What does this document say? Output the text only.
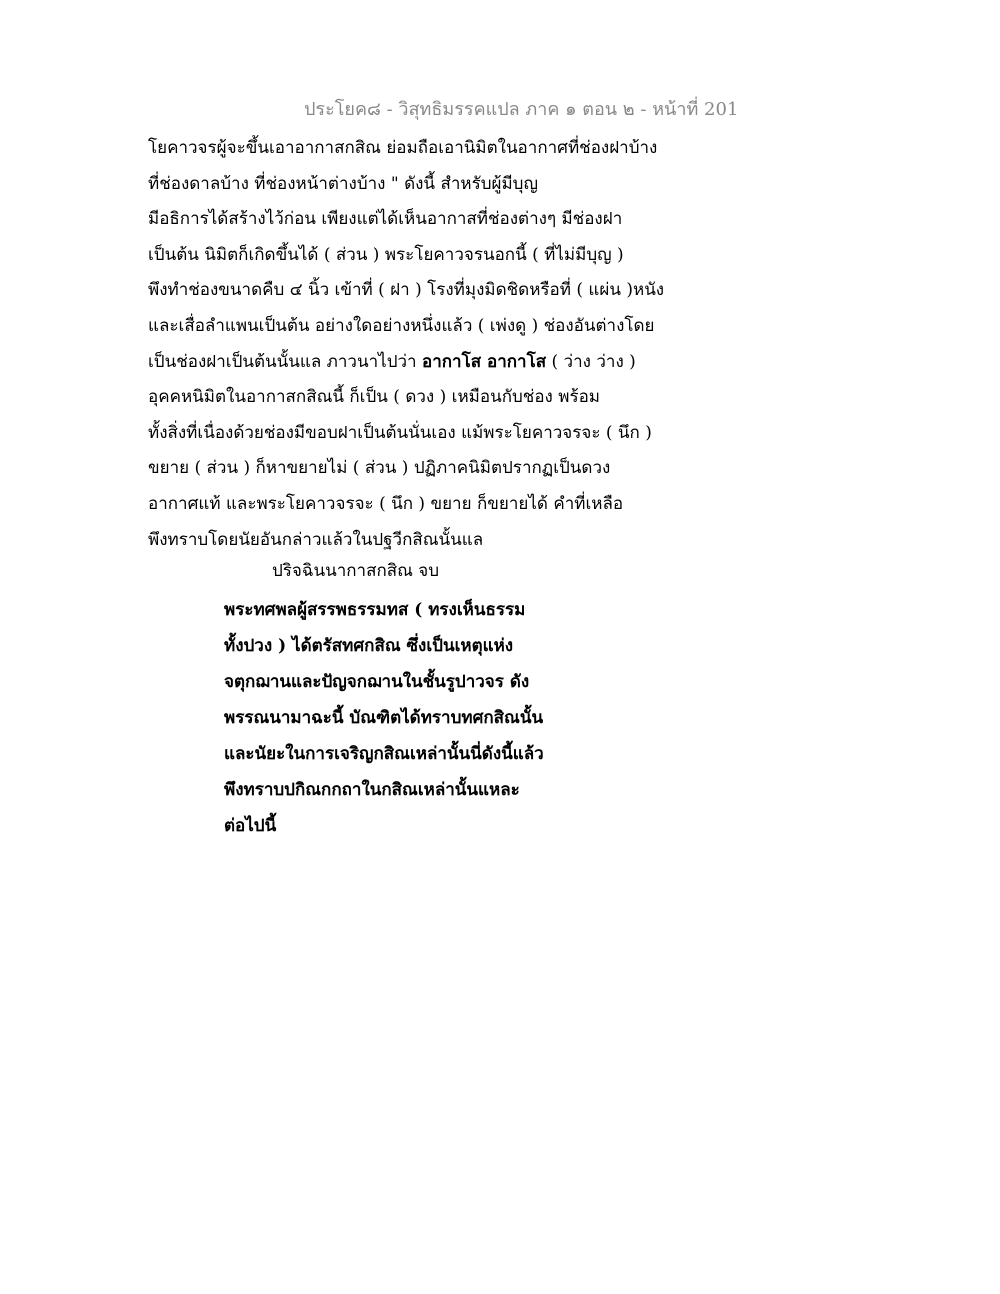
ประโยค๘ - วิสุทธิมรรคแปล ภาค ๑ ตอน ๒ - หน้าที่ 201
โยคาวจรผู้จะขึ้นเอาอากาสกสิณ ย่อมถือเอานิมิตในอากาศที่ช่องฝาบ้าง
ที่ช่องดาลบ้าง ที่ช่องหน้าต่างบ้าง " ดังนี้ สำหรับผู้มีบุญ
มีอธิการได้สร้างไว้ก่อน เพียงแต่ได้เห็นอากาสที่ช่องต่างๆ มีช่องฝา
เป็นต้น นิมิตก็เกิดขึ้นได้ ( ส่วน ) พระโยคาวจรนอกนี้ ( ที่ไม่มีบุญ )
พึงทำช่องขนาดคืบ ๔ นิ้ว เข้าที่ ( ฝา ) โรงที่มุงมิดชิดหรือที่ ( แผ่น )หนัง
และเสื่อลำแพนเป็นต้น อย่างใดอย่างหนึ่งแล้ว ( เพ่งดู ) ช่องอันต่างโดย
เป็นช่องฝาเป็นต้นนั้นแล ภาวนาไปว่า อากาโส อากาโส ( ว่าง ว่าง )
อุคคหนิมิตในอากาสกสิณนี้ ก็เป็น ( ดวง ) เหมือนกับช่อง พร้อม
ทั้งสิ่งที่เนื่องด้วยช่องมีขอบฝาเป็นต้นนั่นเอง แม้พระโยคาวจรจะ ( นึก )
ขยาย ( ส่วน ) ก็หาขยายไม่ ( ส่วน ) ปฏิภาคนิมิตปรากฏเป็นดวง
อากาศแท้ และพระโยคาวจรจะ ( นึก ) ขยาย ก็ขยายได้ คำที่เหลือ
พึงทราบโดยนัยอันกล่าวแล้วในปฐวีกสิณนั้นแล
ปริจฉินนากาสกสิณ จบ
พระทศพลผู้สรรพธรรมทส ( ทรงเห็นธรรม
ทั้งปวง ) ได้ตรัสทศกสิณ ซึ่งเป็นเหตุแห่ง
จตุกฌานและปัญจกฌานในชั้นรูปาวจร ดัง
พรรณนามาฉะนี้ บัณฑิตได้ทราบทศกสิณนั้น
และนัยะในการเจริญกสิณเหล่านั้นนี่ดังนี้แล้ว
พึงทราบปกิณกกถาในกสิณเหล่านั้นแหละ
ต่อไปนี้
